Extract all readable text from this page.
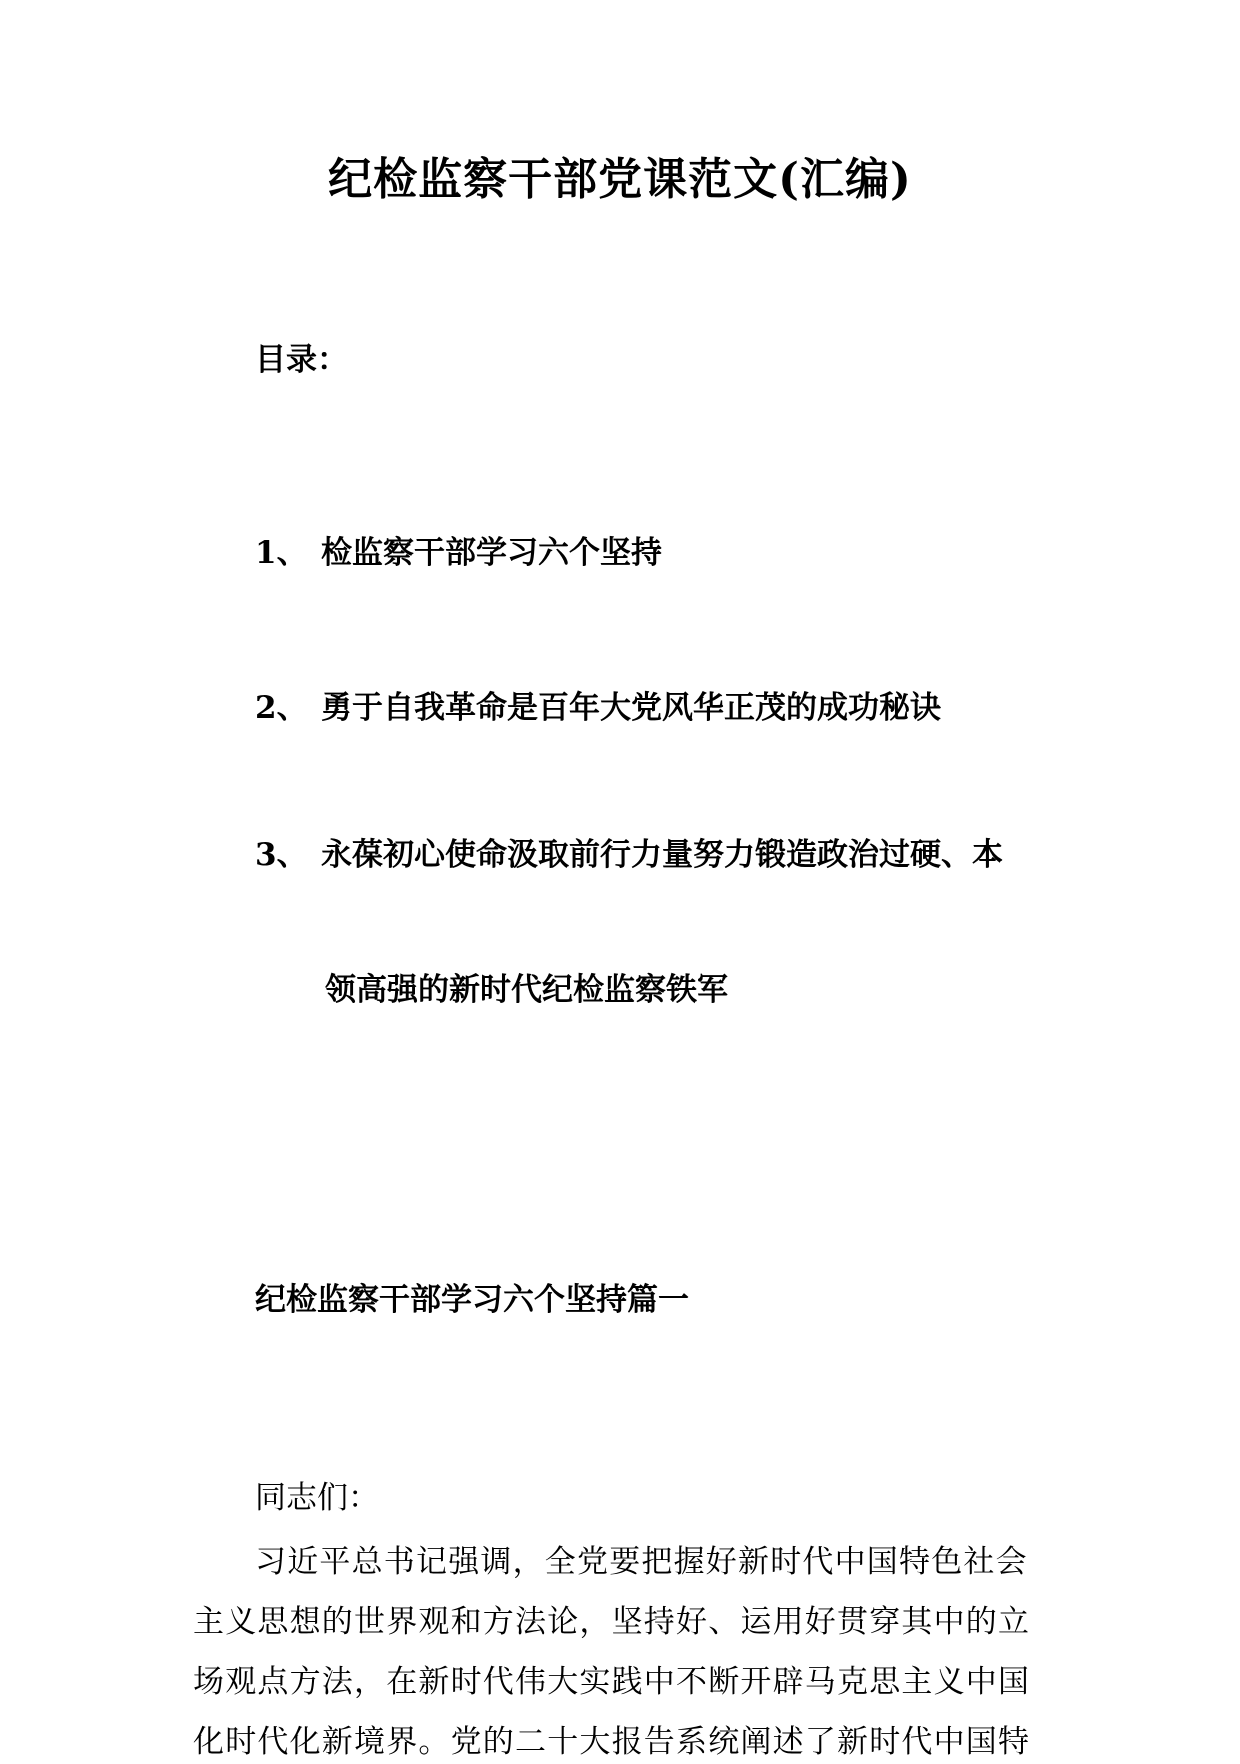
纪检监察干部党课范文(汇编)
目录：
1、 检监察干部学习六个坚持
2、 勇于自我革命是百年大党风华正茂的成功秘诀
3、 永葆初心使命汲取前行力量努力锻造政治过硬、本
领高强的新时代纪检监察铁军
纪检监察干部学习六个坚持篇一
同志们：
习近平总书记强调，全党要把握好新时代中国特色社会
主义思想的世界观和方法论，坚持好、运用好贯穿其中的立
场观点方法，在新时代伟大实践中不断开辟马克思主义中国
化时代化新境界。党的二十大报告系统阐述了新时代中国特
